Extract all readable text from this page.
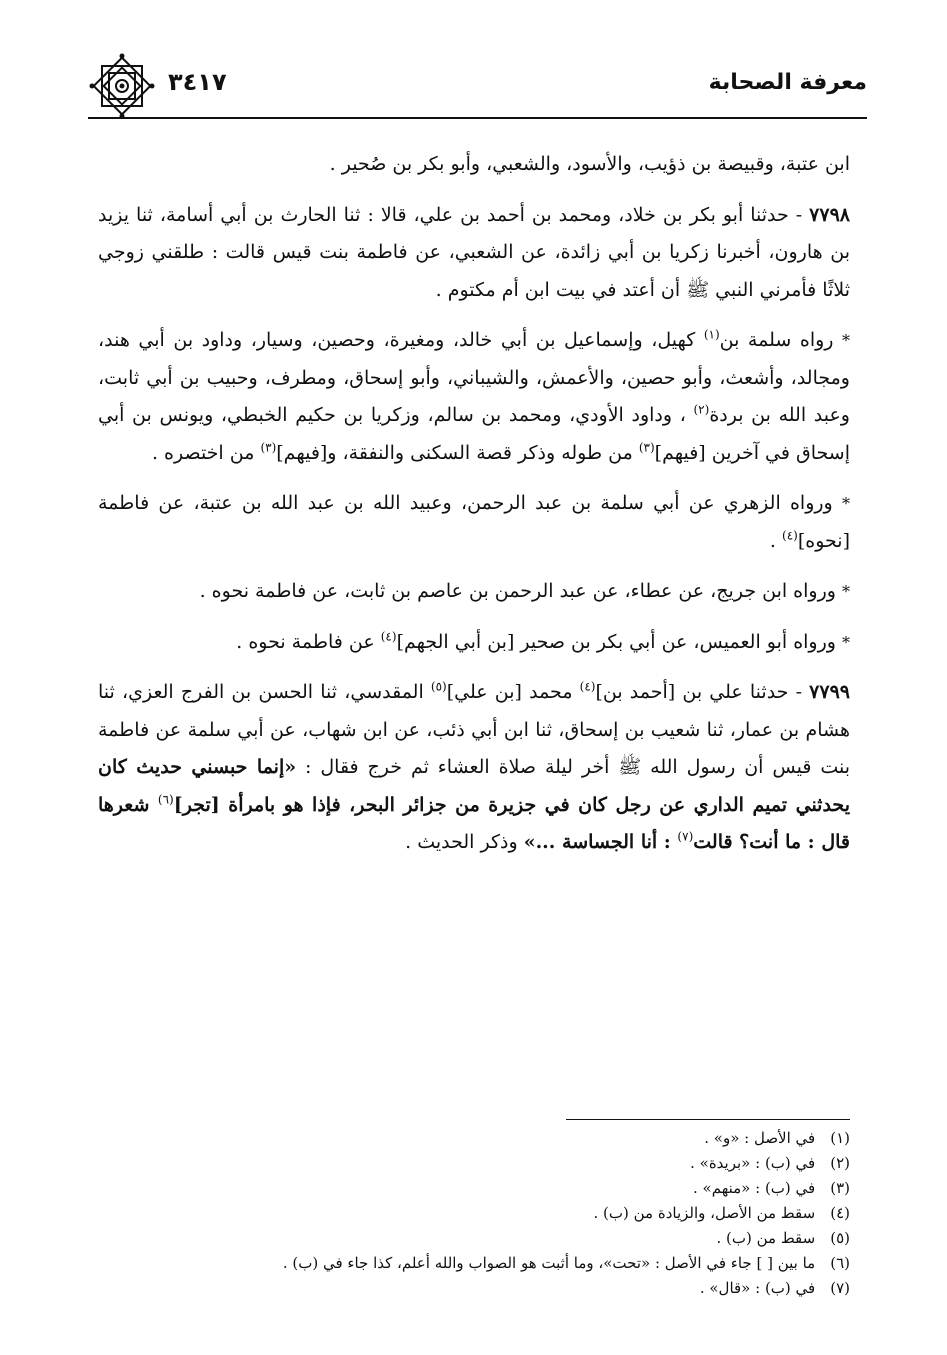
معرفة الصحابة
٣٤١٧

ابن عتبة، وقبيصة بن ذؤيب، والأسود، والشعبي، وأبو بكر بن صُحير .

٧٧٩٨ - حدثنا أبو بكر بن خلاد، ومحمد بن أحمد بن علي، قالا : ثنا الحارث بن أبي أسامة، ثنا يزيد بن هارون، أخبرنا زكريا بن أبي زائدة، عن الشعبي، عن فاطمة بنت قيس قالت : طلقني زوجي ثلاثًا فأمرني النبي ﷺ أن أعتد في بيت ابن أم مكتوم .

* رواه سلمة بن$^{(١)}$ كهيل، وإسماعيل بن أبي خالد، ومغيرة، وحصين، وسيار، وداود بن أبي هند، ومجالد، وأشعث، وأبو حصين، والأعمش، والشيباني، وأبو إسحاق، ومطرف، وحبيب بن أبي ثابت، وعبد الله بن بردة$^{(٢)}$ ، وداود الأودي، ومحمد بن سالم، وزكريا بن حكيم الخبطي، ويونس بن أبي إسحاق في آخرين [فيهم]$^{(٣)}$ من طوله وذكر قصة السكنى والنفقة، و[فيهم]$^{(٣)}$ من اختصره .

* ورواه الزهري عن أبي سلمة بن عبد الرحمن، وعبيد الله بن عبد الله بن عتبة، عن فاطمة [نحوه]$^{(٤)}$ .

* ورواه ابن جريج، عن عطاء، عن عبد الرحمن بن عاصم بن ثابت، عن فاطمة نحوه .

* ورواه أبو العميس، عن أبي بكر بن صحير [بن أبي الجهم]$^{(٤)}$ عن فاطمة نحوه .

٧٧٩٩ - حدثنا علي بن [أحمد بن]$^{(٤)}$ محمد [بن علي]$^{(٥)}$ المقدسي، ثنا الحسن بن الفرج العزي، ثنا هشام بن عمار، ثنا شعيب بن إسحاق، ثنا ابن أبي ذئب، عن ابن شهاب، عن أبي سلمة عن فاطمة بنت قيس أن رسول الله ﷺ أخر ليلة صلاة العشاء ثم خرج فقال : «إنما حبسني حديث كان يحدثني تميم الداري عن رجل كان في جزيرة من جزائر البحر، فإذا هو بامرأة [تجر]$^{(٦)}$ شعرها قال : ما أنت؟ قالت$^{(٧)}$ : أنا الجساسة ...» وذكر الحديث .

(١) في الأصل : «و» .
(٢) في (ب) : «بريدة» .
(٣) في (ب) : «منهم» .
(٤) سقط من الأصل، والزيادة من (ب) .
(٥) سقط من (ب) .
(٦) ما بين [ ] جاء في الأصل : «تحت»، وما أثبت هو الصواب والله أعلم، كذا جاء في (ب) .
(٧) في (ب) : «قال» .
